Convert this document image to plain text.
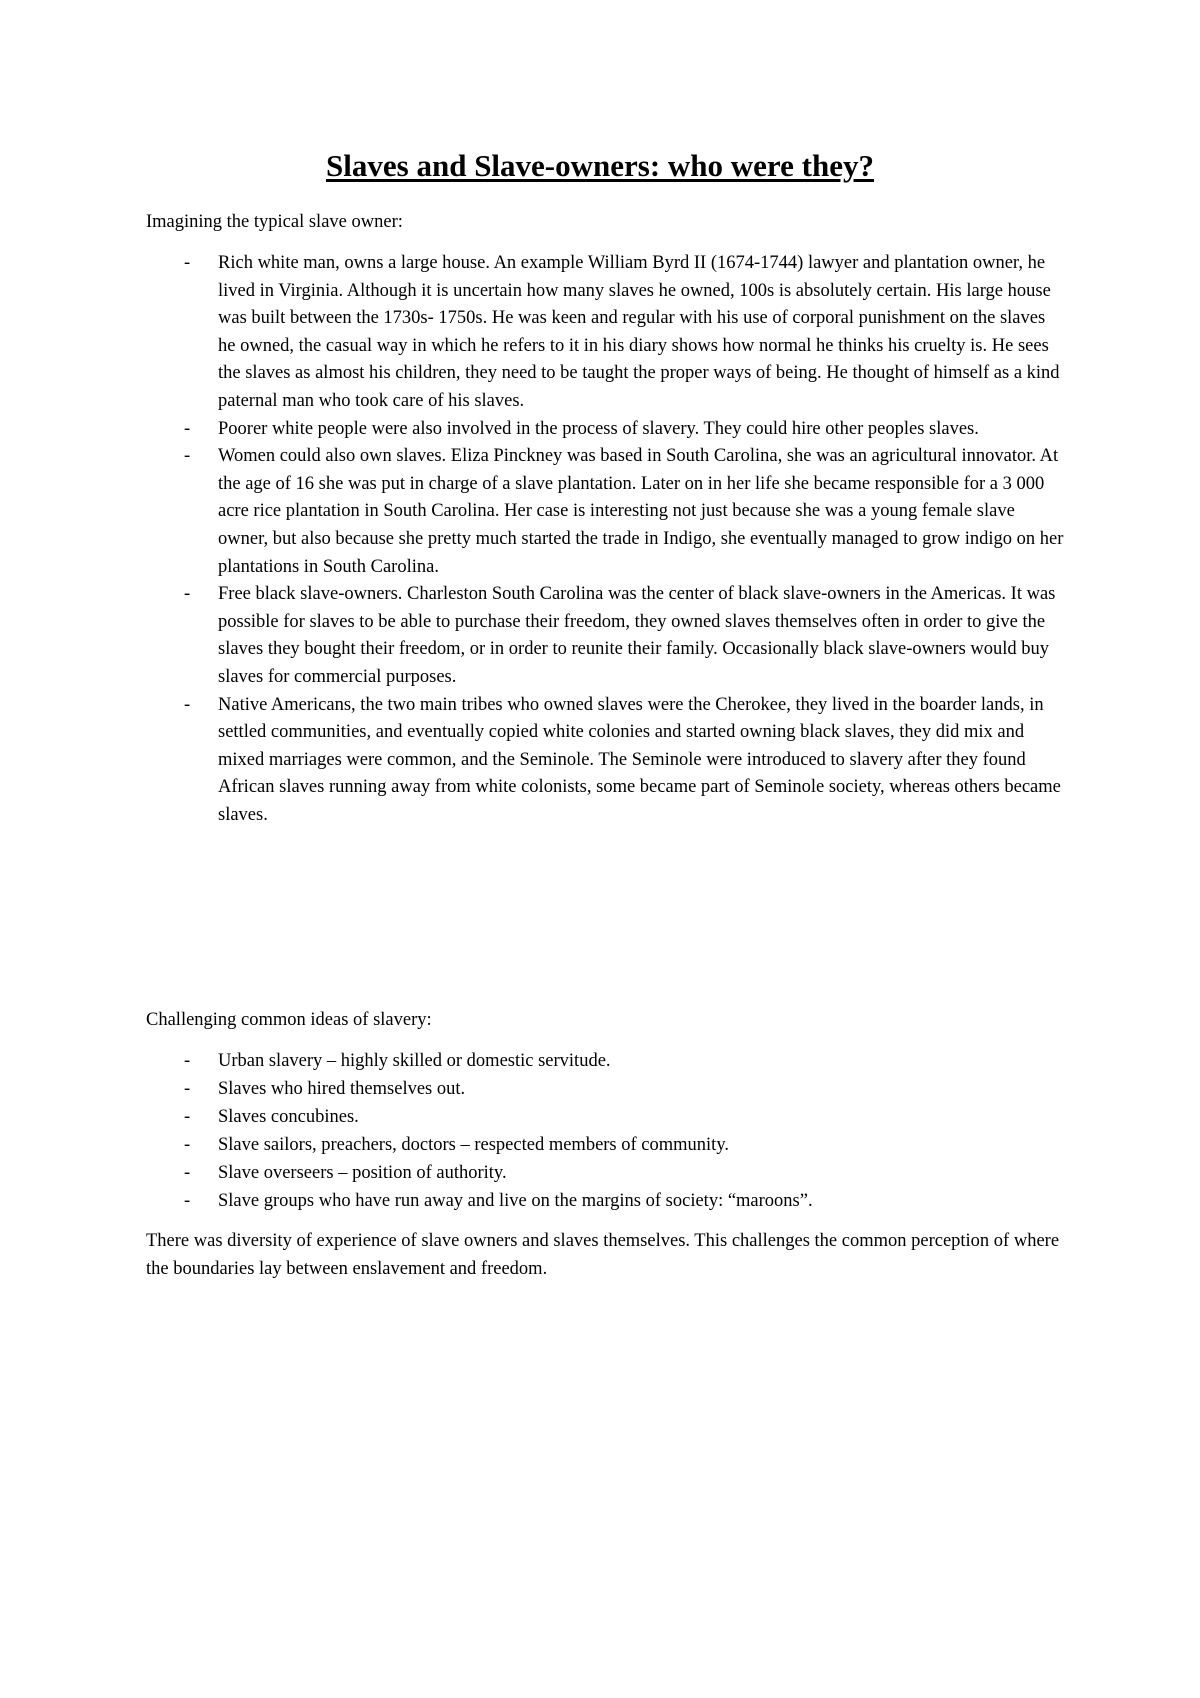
Slaves and Slave-owners: who were they?

Imagining the typical slave owner:

- Rich white man, owns a large house. An example William Byrd II (1674-1744) lawyer and plantation owner, he lived in Virginia. Although it is uncertain how many slaves he owned, 100s is absolutely certain. His large house was built between the 1730s- 1750s. He was keen and regular with his use of corporal punishment on the slaves he owned, the casual way in which he refers to it in his diary shows how normal he thinks his cruelty is. He sees the slaves as almost his children, they need to be taught the proper ways of being. He thought of himself as a kind paternal man who took care of his slaves.
- Poorer white people were also involved in the process of slavery. They could hire other peoples slaves.
- Women could also own slaves. Eliza Pinckney was based in South Carolina, she was an agricultural innovator. At the age of 16 she was put in charge of a slave plantation. Later on in her life she became responsible for a 3 000 acre rice plantation in South Carolina. Her case is interesting not just because she was a young female slave owner, but also because she pretty much started the trade in Indigo, she eventually managed to grow indigo on her plantations in South Carolina.
- Free black slave-owners. Charleston South Carolina was the center of black slave-owners in the Americas. It was possible for slaves to be able to purchase their freedom, they owned slaves themselves often in order to give the slaves they bought their freedom, or in order to reunite their family. Occasionally black slave-owners would buy slaves for commercial purposes.
- Native Americans, the two main tribes who owned slaves were the Cherokee, they lived in the boarder lands, in settled communities, and eventually copied white colonies and started owning black slaves, they did mix and mixed marriages were common, and the Seminole. The Seminole were introduced to slavery after they found African slaves running away from white colonists, some became part of Seminole society, whereas others became slaves.

Challenging common ideas of slavery:

- Urban slavery – highly skilled or domestic servitude.
- Slaves who hired themselves out.
- Slaves concubines.
- Slave sailors, preachers, doctors – respected members of community.
- Slave overseers – position of authority.
- Slave groups who have run away and live on the margins of society: “maroons”.

There was diversity of experience of slave owners and slaves themselves. This challenges the common perception of where the boundaries lay between enslavement and freedom.
